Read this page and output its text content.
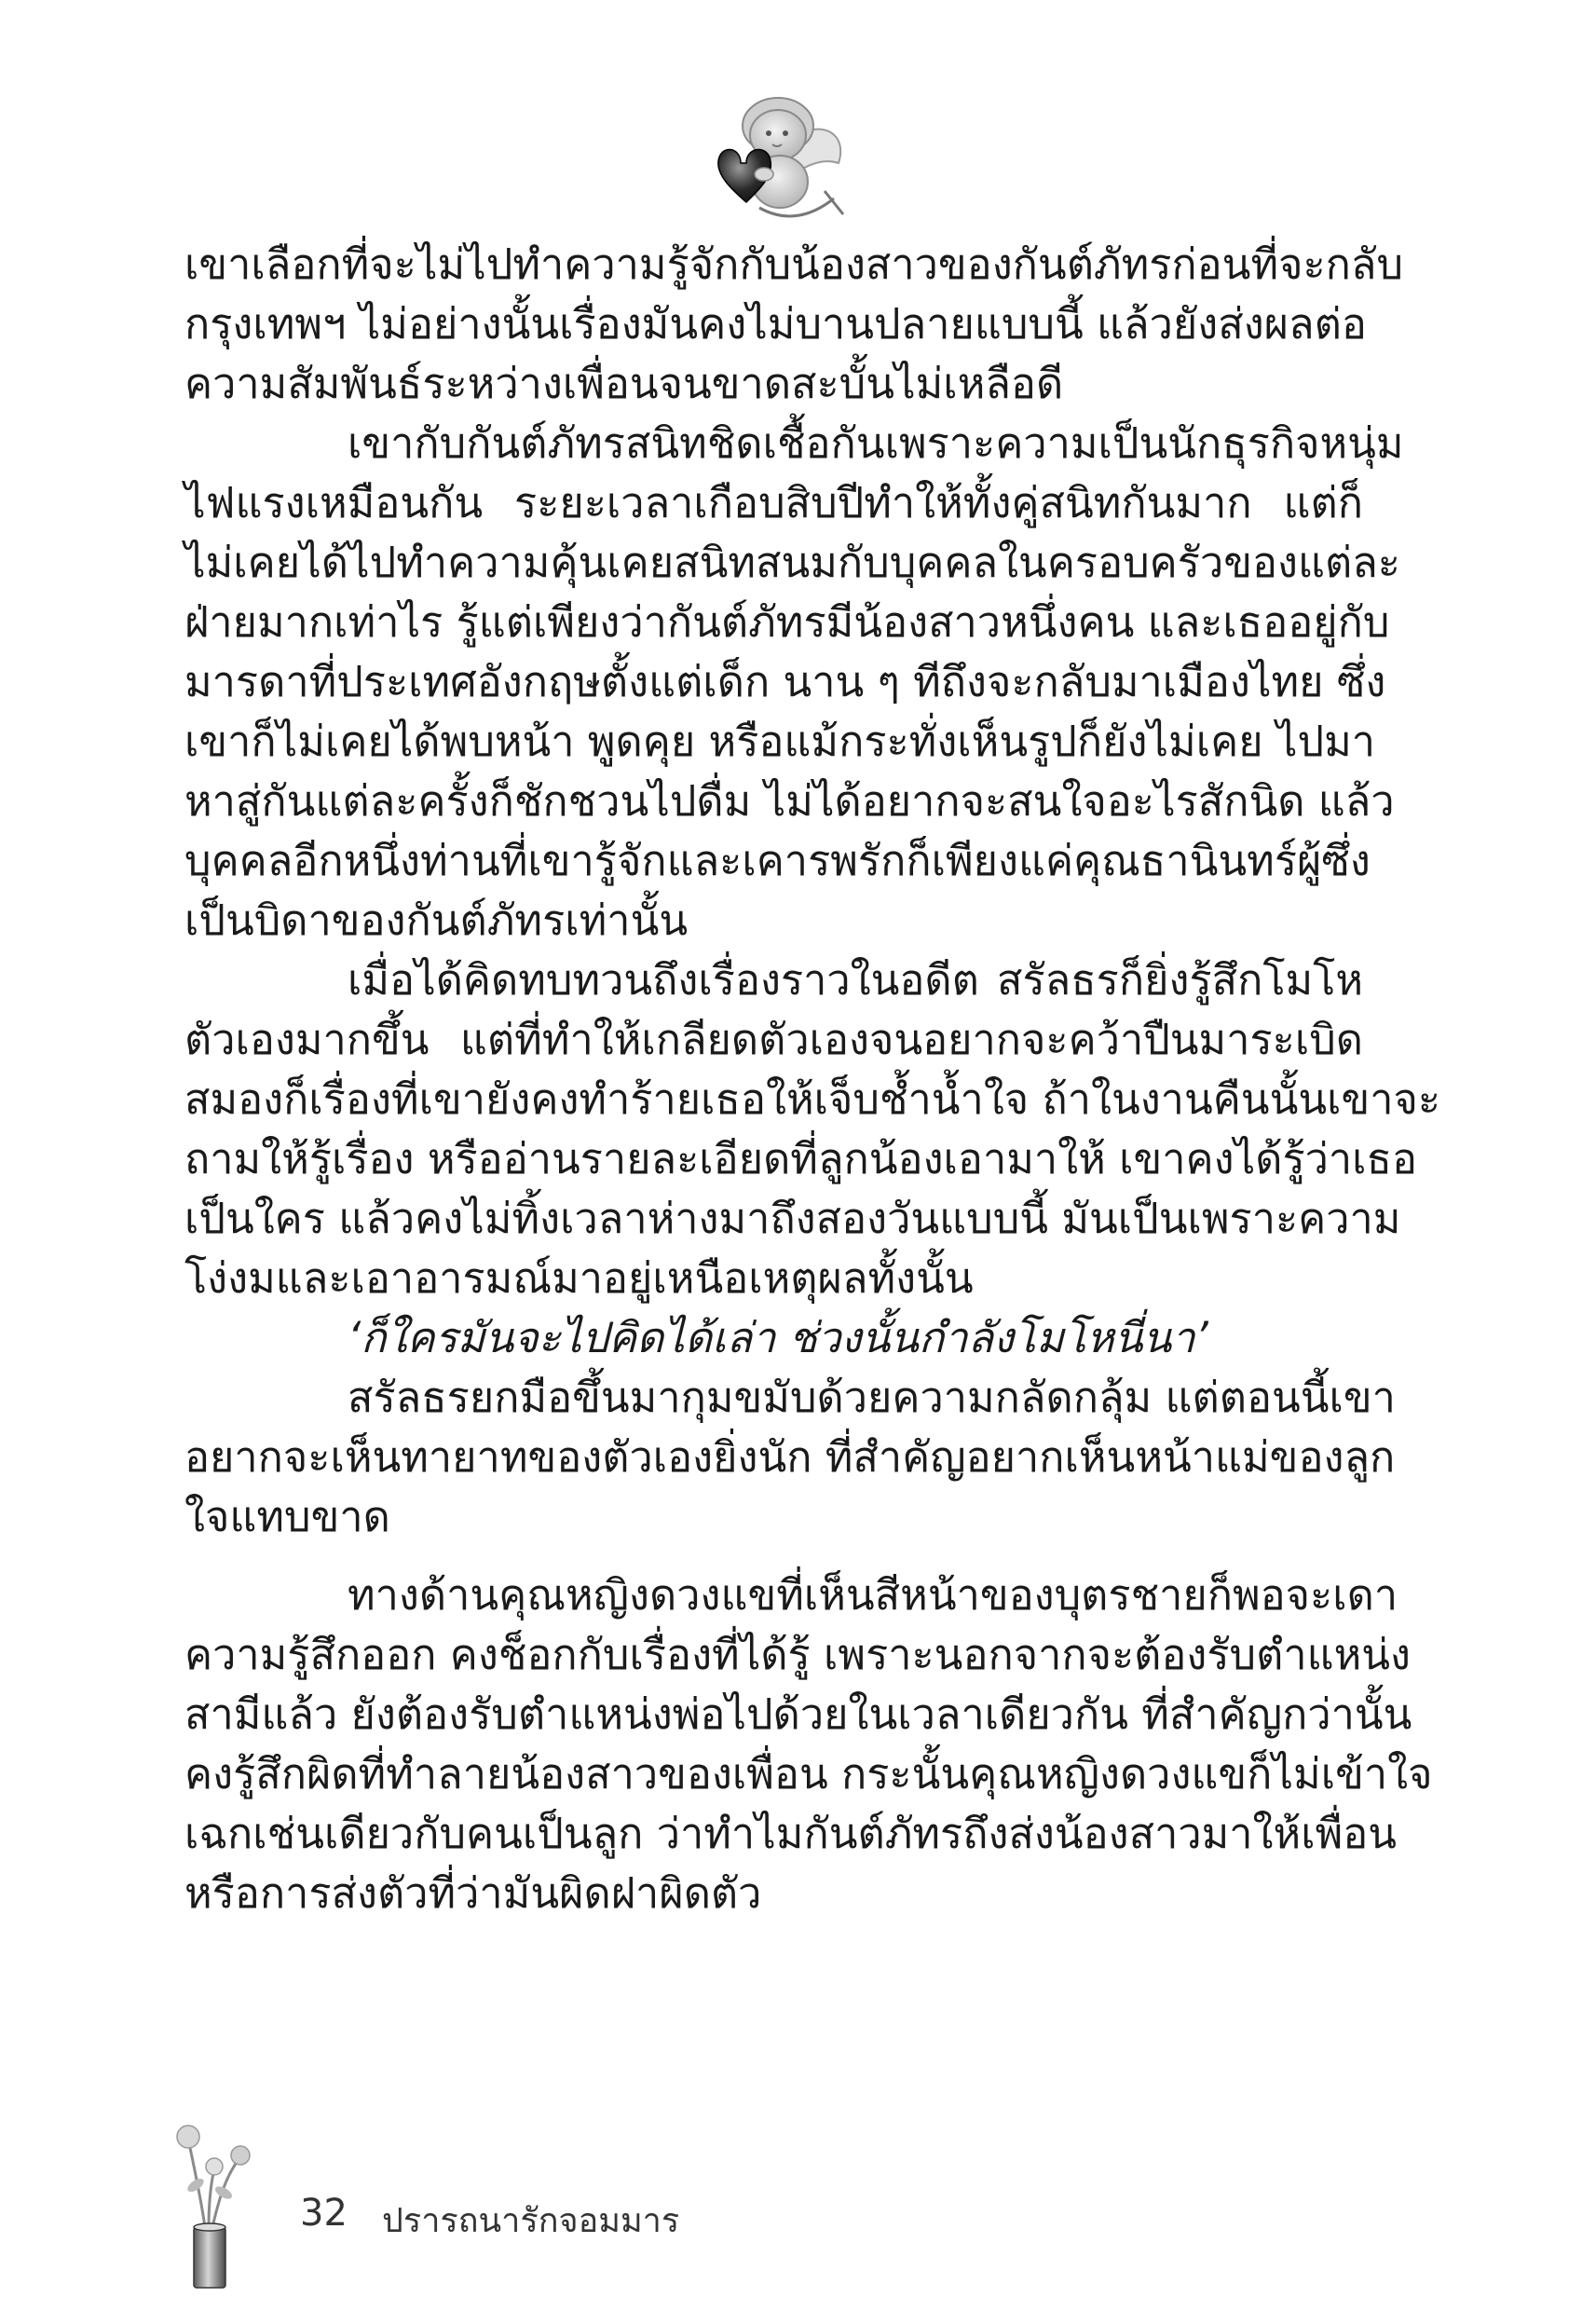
เขาเลือกที่จะไม่ไปทำความรู้จักกับน้องสาวของกันต์ภัทรก่อนที่จะกลับ
กรุงเทพฯ ไม่อย่างนั้นเรื่องมันคงไม่บานปลายแบบนี้ แล้วยังส่งผลต่อ
ความสัมพันธ์ระหว่างเพื่อนจนขาดสะบั้นไม่เหลือดี
เขากับกันต์ภัทรสนิทชิดเชื้อกันเพราะความเป็นนักธุรกิจหนุ่ม
ไฟแรงเหมือนกัน ระยะเวลาเกือบสิบปีทำให้ทั้งคู่สนิทกันมาก แต่ก็
ไม่เคยได้ไปทำความคุ้นเคยสนิทสนมกับบุคคลในครอบครัวของแต่ละ
ฝ่ายมากเท่าไร รู้แต่เพียงว่ากันต์ภัทรมีน้องสาวหนึ่งคน และเธออยู่กับ
มารดาที่ประเทศอังกฤษตั้งแต่เด็ก นาน ๆ ทีถึงจะกลับมาเมืองไทย ซึ่ง
เขาก็ไม่เคยได้พบหน้า พูดคุย หรือแม้กระทั่งเห็นรูปก็ยังไม่เคย ไปมา
หาสู่กันแต่ละครั้งก็ชักชวนไปดื่ม ไม่ได้อยากจะสนใจอะไรสักนิด แล้ว
บุคคลอีกหนึ่งท่านที่เขารู้จักและเคารพรักก็เพียงแค่คุณธานินทร์ผู้ซึ่ง
เป็นบิดาของกันต์ภัทรเท่านั้น
เมื่อได้คิดทบทวนถึงเรื่องราวในอดีต สรัลธรก็ยิ่งรู้สึกโมโห
ตัวเองมากขึ้น แต่ที่ทำให้เกลียดตัวเองจนอยากจะคว้าปืนมาระเบิด
สมองก็เรื่องที่เขายังคงทำร้ายเธอให้เจ็บช้ำน้ำใจ ถ้าในงานคืนนั้นเขาจะ
ถามให้รู้เรื่อง หรืออ่านรายละเอียดที่ลูกน้องเอามาให้ เขาคงได้รู้ว่าเธอ
เป็นใคร แล้วคงไม่ทิ้งเวลาห่างมาถึงสองวันแบบนี้ มันเป็นเพราะความ
โง่งมและเอาอารมณ์มาอยู่เหนือเหตุผลทั้งนั้น
‘ก็ใครมันจะไปคิดได้เล่า ช่วงนั้นกำลังโมโหนี่นา’
สรัลธรยกมือขึ้นมากุมขมับด้วยความกลัดกลุ้ม แต่ตอนนี้เขา
อยากจะเห็นทายาทของตัวเองยิ่งนัก ที่สำคัญอยากเห็นหน้าแม่ของลูก
ใจแทบขาด
ทางด้านคุณหญิงดวงแขที่เห็นสีหน้าของบุตรชายก็พอจะเดา
ความรู้สึกออก คงช็อกกับเรื่องที่ได้รู้ เพราะนอกจากจะต้องรับตำแหน่ง
สามีแล้ว ยังต้องรับตำแหน่งพ่อไปด้วยในเวลาเดียวกัน ที่สำคัญกว่านั้น
คงรู้สึกผิดที่ทำลายน้องสาวของเพื่อน กระนั้นคุณหญิงดวงแขก็ไม่เข้าใจ
เฉกเช่นเดียวกับคนเป็นลูก ว่าทำไมกันต์ภัทรถึงส่งน้องสาวมาให้เพื่อน
หรือการส่งตัวที่ว่ามันผิดฝาผิดตัว
32 ปรารถนารักจอมมาร
